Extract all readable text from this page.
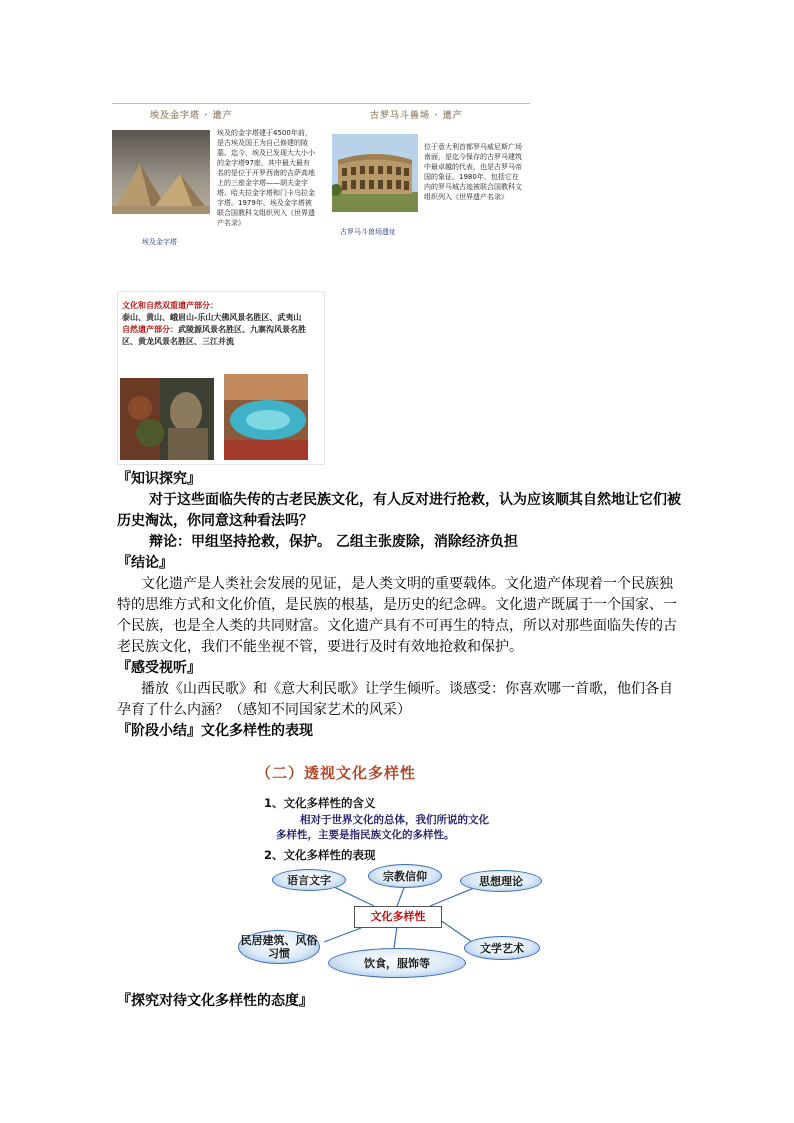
埃及金字塔 · 遗产	古罗马斗兽场 · 遗产
埃及的金字塔建于4500年前，是古埃及国王为自己修建的陵墓。迄今，埃及已发现大大小小的金字塔97座，其中最大最有名的是位于开罗西南的吉萨高地上的三座金字塔——胡夫金字塔、哈夫拉金字塔和门卡乌拉金字塔。1979年，埃及金字塔被联合国教科文组织列入《世界遗产名录》
埃及金字塔
位于意大利首都罗马威尼斯广场南面，是迄今保存的古罗马建筑中最卓越的代表，也是古罗马帝国的象征。1980年，包括它在内的罗马城古迹被联合国教科文组织列入《世界遗产名录》
古罗马斗兽场遗址
文化和自然双重遗产部分：
泰山、黄山、峨眉山-乐山大佛风景名胜区、武夷山
自然遗产部分：武陵源风景名胜区、九寨沟风景名胜区、黄龙风景名胜区、三江并流
『知识探究』
对于这些面临失传的古老民族文化，有人反对进行抢救，认为应该顺其自然地让它们被历史淘汰，你同意这种看法吗？
辩论：甲组坚持抢救，保护。 乙组主张废除，消除经济负担
『结论』
文化遗产是人类社会发展的见证，是人类文明的重要载体。文化遗产体现着一个民族独特的思维方式和文化价值，是民族的根基，是历史的纪念碑。文化遗产既属于一个国家、一个民族，也是全人类的共同财富。文化遗产具有不可再生的特点，所以对那些面临失传的古老民族文化，我们不能坐视不管，要进行及时有效地抢救和保护。
『感受视听』
播放《山西民歌》和《意大利民歌》让学生倾听。谈感受：你喜欢哪一首歌，他们各自孕育了什么内涵？（感知不同国家艺术的风采）
『阶段小结』文化多样性的表现
（二）透视文化多样性
1、文化多样性的含义
相对于世界文化的总体，我们所说的文化
多样性，主要是指民族文化的多样性。
2、文化多样性的表现
语言文字	宗教信仰	思想理论
文化多样性
民居建筑、风俗习惯
饮食，服饰等
文学艺术
『探究对待文化多样性的态度』
